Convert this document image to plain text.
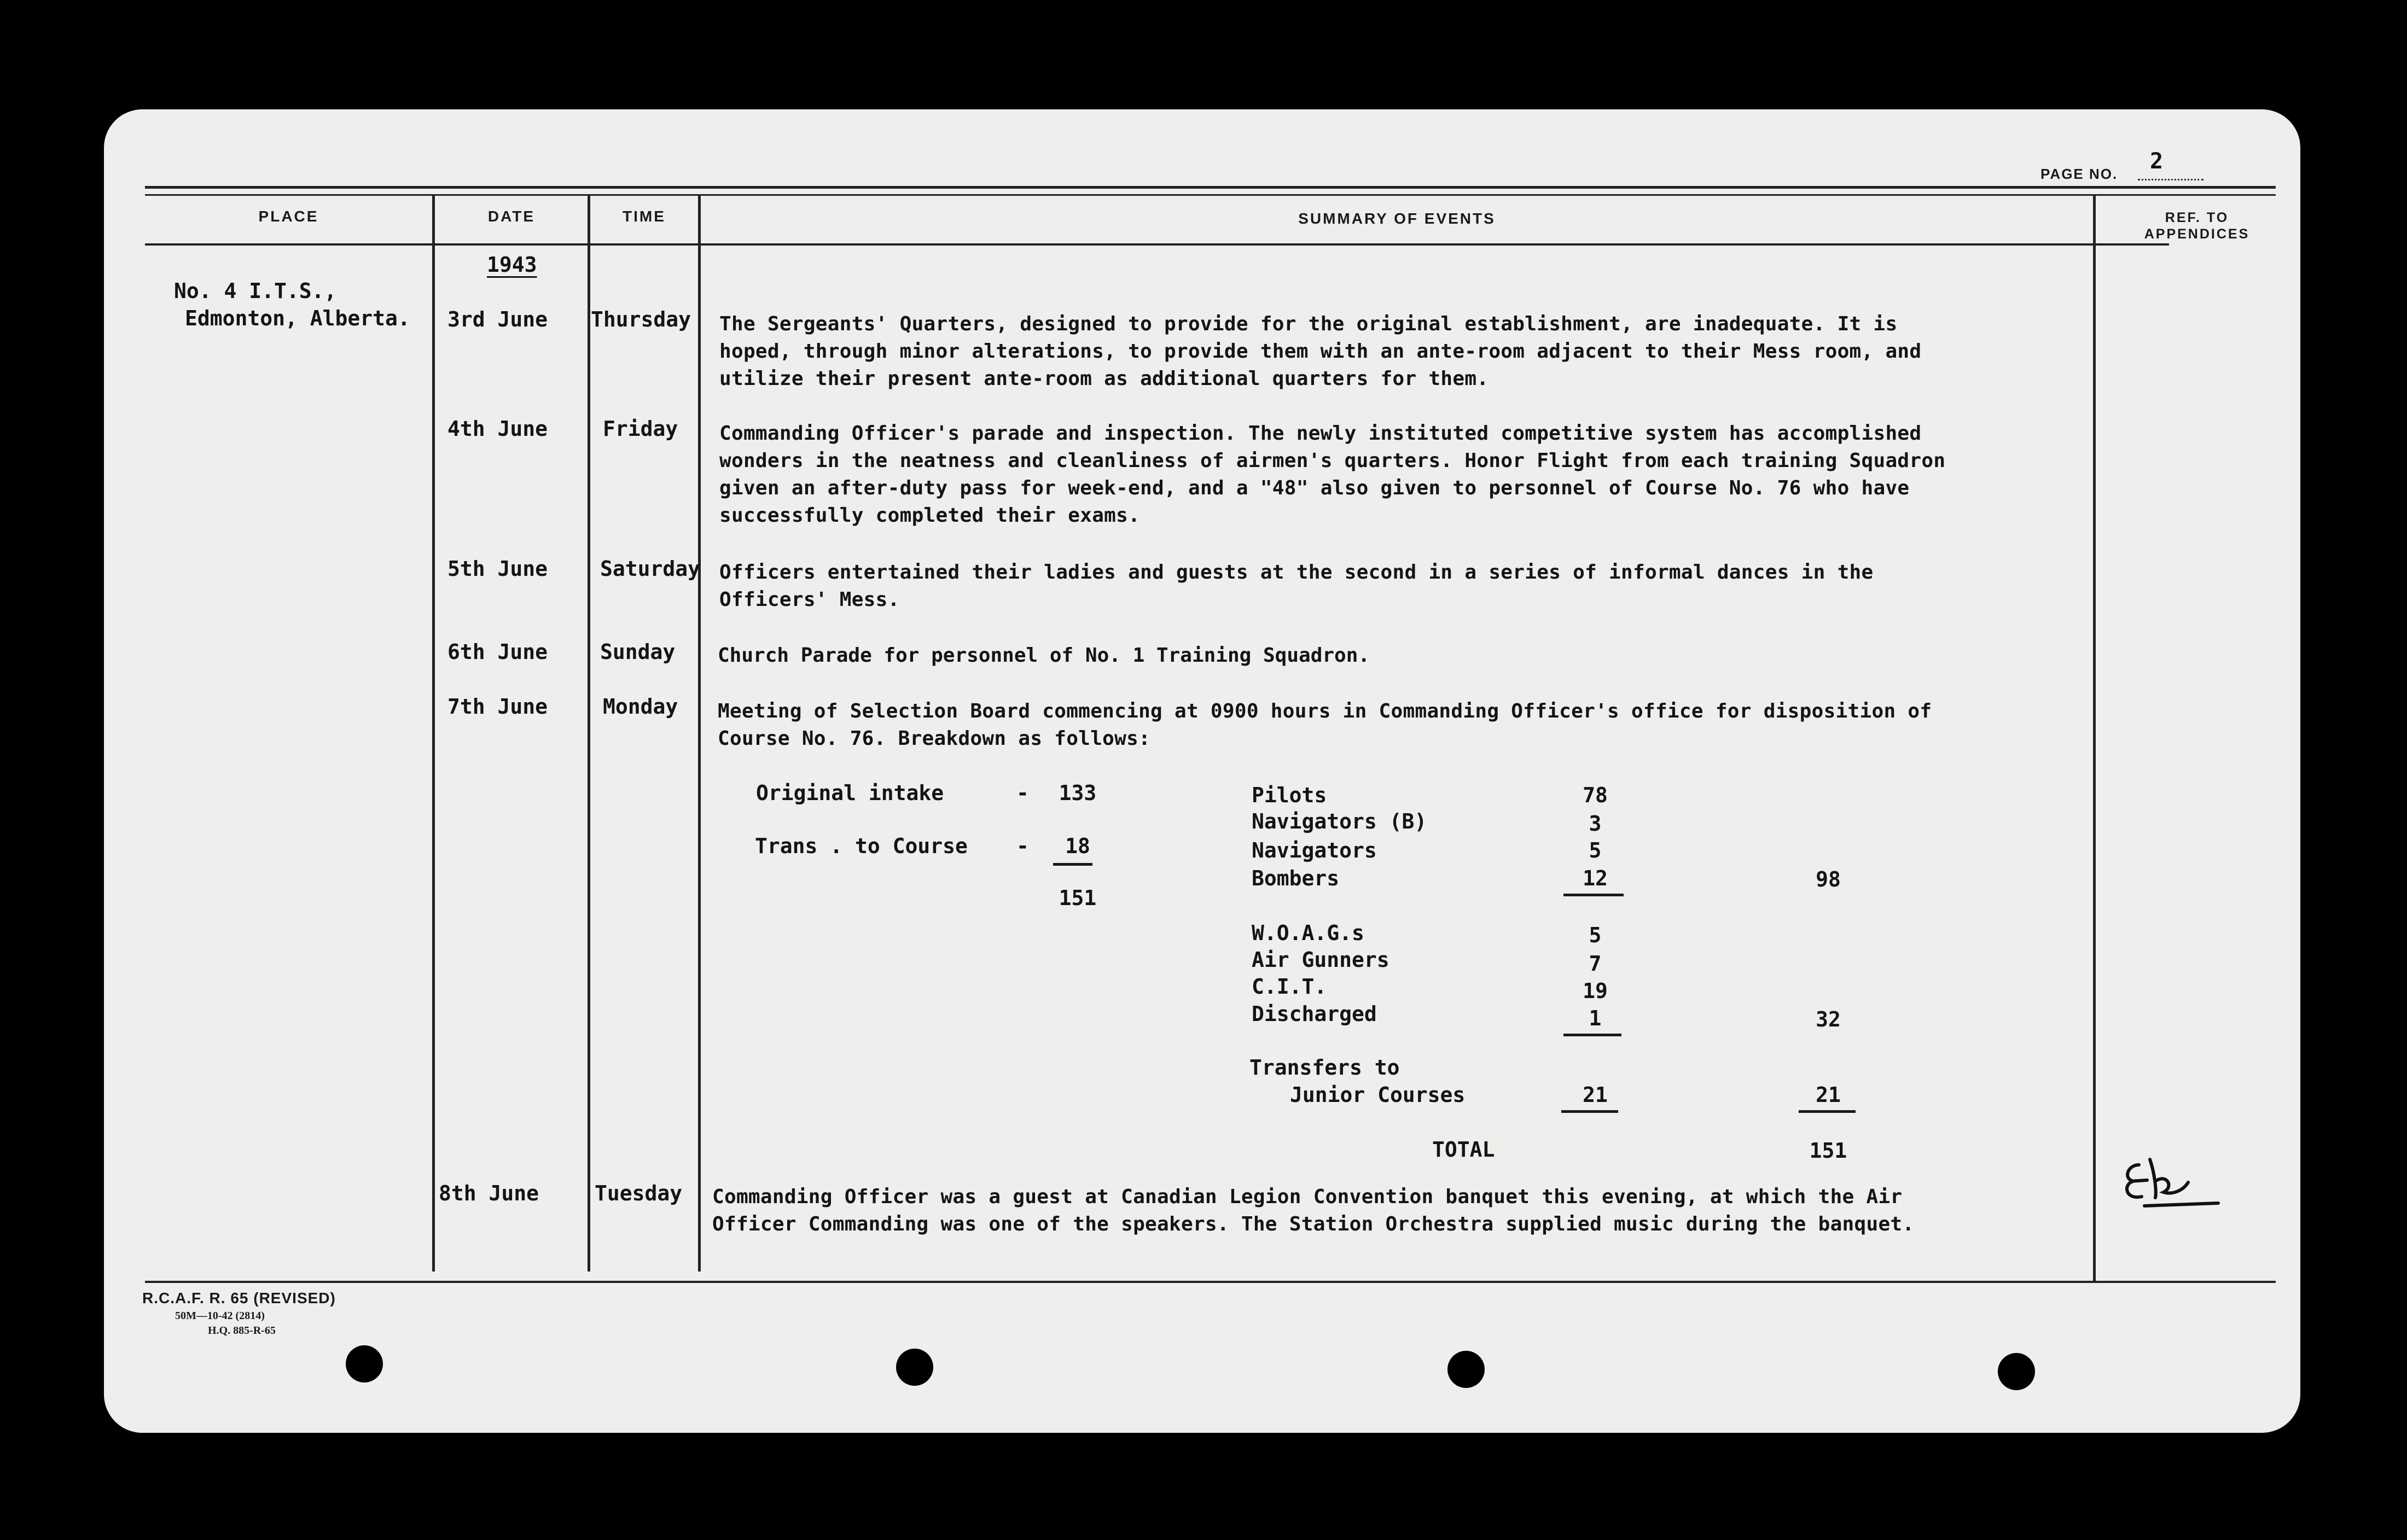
PAGE NO. 2
PLACE	DATE	TIME	SUMMARY OF EVENTS	REF. TO
APPENDICES
No. 4 I.T.S.,
Edmonton, Alberta.
1943
3rd June Thursday The Sergeants' Quarters, designed to provide for the original establishment, are inadequate. It is
hoped, through minor alterations, to provide them with an ante-room adjacent to their Mess room, and
utilize their present ante-room as additional quarters for them.
4th June	Friday Commanding Officer's parade and inspection. The newly instituted competitive system has accomplished
wonders in the neatness and cleanliness of airmen's quarters. Honor Flight from each training Squadron
given an after-duty pass for week-end, and a "48" also given to personnel of Course No. 76 who have
successfully completed their exams.
5th June	Saturday Officers entertained their ladies and guests at the second in a series of informal dances in the
Officers' Mess.
6th June	Sunday Church Parade for personnel of No. 1 Training Squadron.
7th June	Monday Meeting of Selection Board commencing at 0900 hours in Commanding Officer's office for disposition of
Course No. 76. Breakdown as follows:
Original intake	-	133
Trans . to Course -	18
151
Pilots	78
Navigators (B)	3
Navigators	5
Bombers	12	98
W.O.A.G.s	5
Air Gunners	7
C.I.T.	19
Discharged	1	32
Transfers to
Junior Courses	21	21
TOTAL	151
8th June	Tuesday Commanding Officer was a guest at Canadian Legion Convention banquet this evening, at which the Air
Officer Commanding was one of the speakers. The Station Orchestra supplied music during the banquet.
R.C.A.F. R. 65 (REVISED)
50M—10-42 (2814)
H.Q. 885-R-65
